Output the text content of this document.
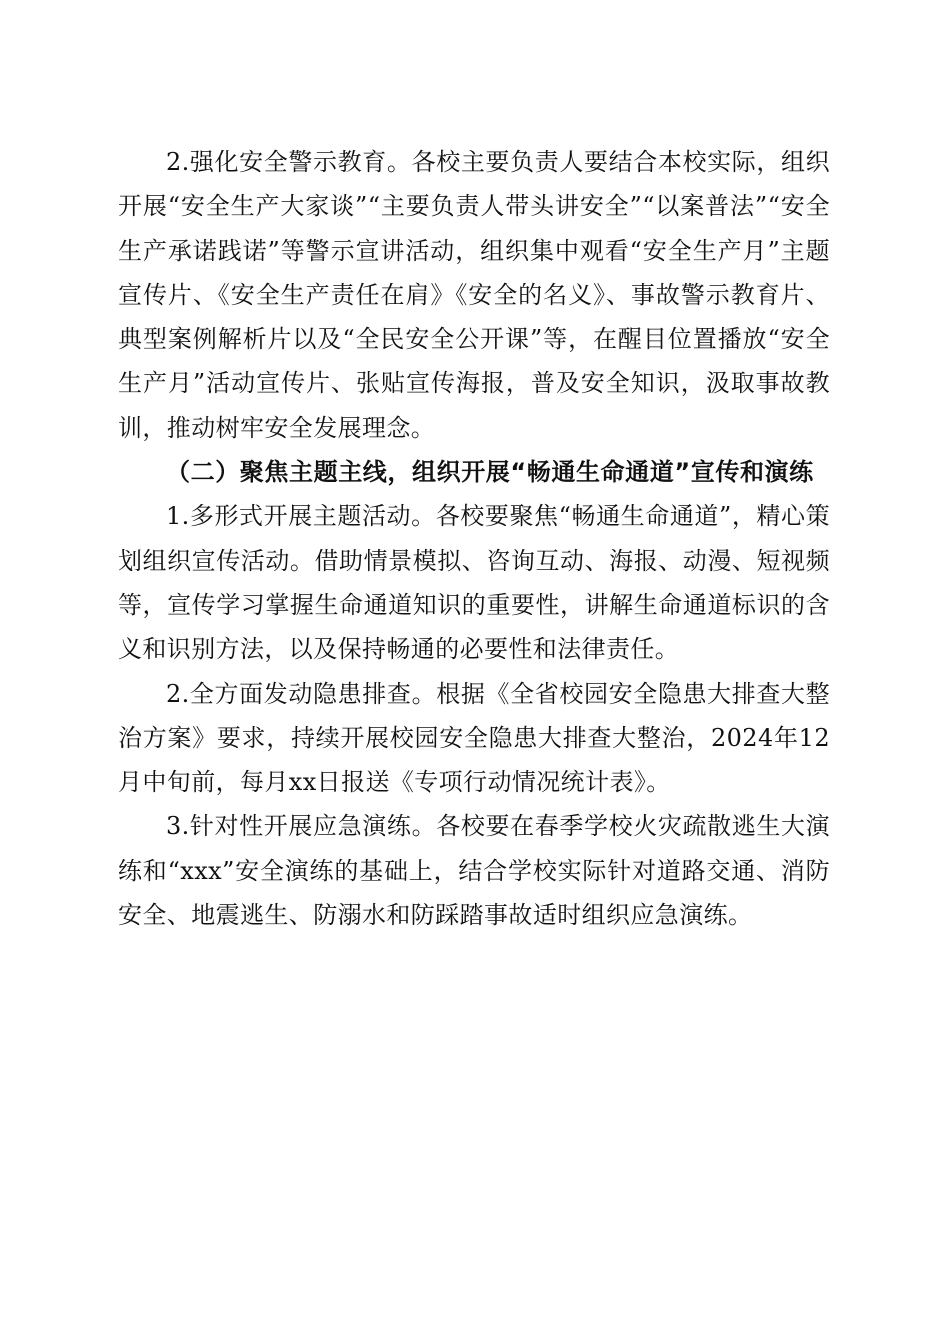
2.强化安全警示教育。各校主要负责人要结合本校实际，组织开展“安全生产大家谈”“主要负责人带头讲安全”“以案普法”“安全生产承诺践诺”等警示宣讲活动，组织集中观看“安全生产月”主题宣传片、《安全生产责任在肩》《安全的名义》、事故警示教育片、典型案例解析片以及“全民安全公开课”等，在醒目位置播放“安全生产月”活动宣传片、张贴宣传海报，普及安全知识，汲取事故教训，推动树牢安全发展理念。

（二）聚焦主题主线，组织开展“畅通生命通道”宣传和演练

1.多形式开展主题活动。各校要聚焦“畅通生命通道”，精心策划组织宣传活动。借助情景模拟、咨询互动、海报、动漫、短视频等，宣传学习掌握生命通道知识的重要性，讲解生命通道标识的含义和识别方法，以及保持畅通的必要性和法律责任。

2.全方面发动隐患排查。根据《全省校园安全隐患大排查大整治方案》要求，持续开展校园安全隐患大排查大整治，2024年12月中旬前，每月xx日报送《专项行动情况统计表》。

3.针对性开展应急演练。各校要在春季学校火灾疏散逃生大演练和“xxx”安全演练的基础上，结合学校实际针对道路交通、消防安全、地震逃生、防溺水和防踩踏事故适时组织应急演练。
